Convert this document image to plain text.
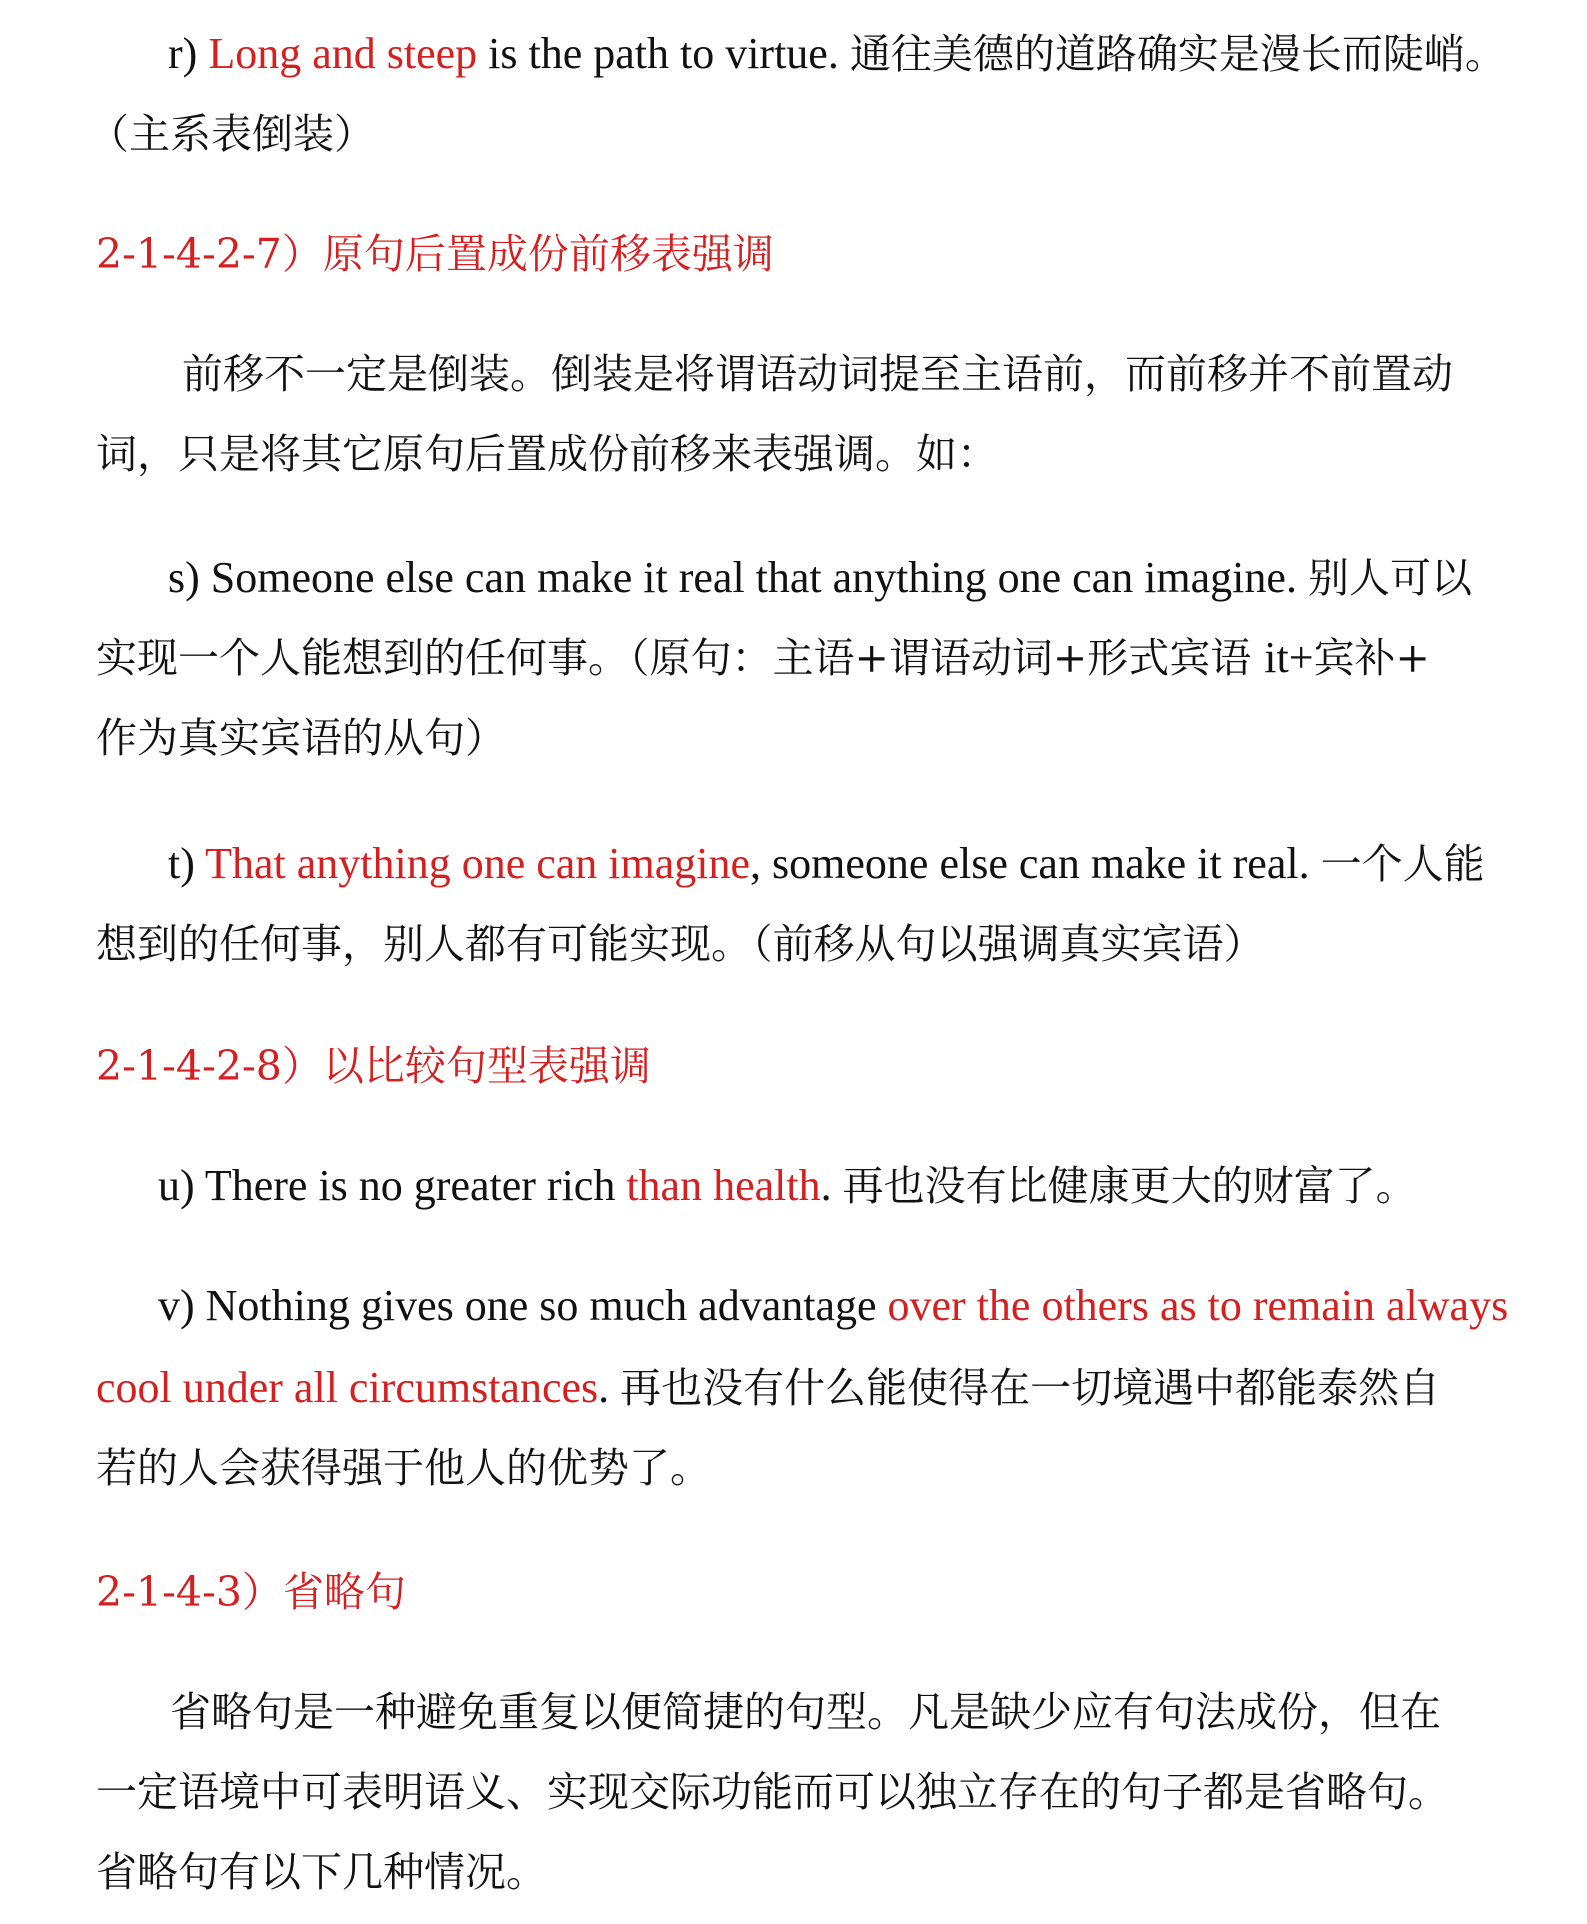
r) Long and steep is the path to virtue. 通往美德的道路确实是漫长而陡峭。
（主系表倒装）
2-1-4-2-7）原句后置成份前移表强调
前移不一定是倒装。倒装是将谓语动词提至主语前，而前移并不前置动
词，只是将其它原句后置成份前移来表强调。如：
s) Someone else can make it real that anything one can imagine. 别人可以
实现一个人能想到的任何事。（原句：主语+谓语动词+形式宾语 it+宾补+
作为真实宾语的从句）
t) That anything one can imagine, someone else can make it real. 一个人能
想到的任何事，别人都有可能实现。（前移从句以强调真实宾语）
2-1-4-2-8）以比较句型表强调
u) There is no greater rich than health. 再也没有比健康更大的财富了。
v) Nothing gives one so much advantage over the others as to remain always
cool under all circumstances. 再也没有什么能使得在一切境遇中都能泰然自
若的人会获得强于他人的优势了。
2-1-4-3）省略句
省略句是一种避免重复以便简捷的句型。凡是缺少应有句法成份，但在
一定语境中可表明语义、实现交际功能而可以独立存在的句子都是省略句。
省略句有以下几种情况。
